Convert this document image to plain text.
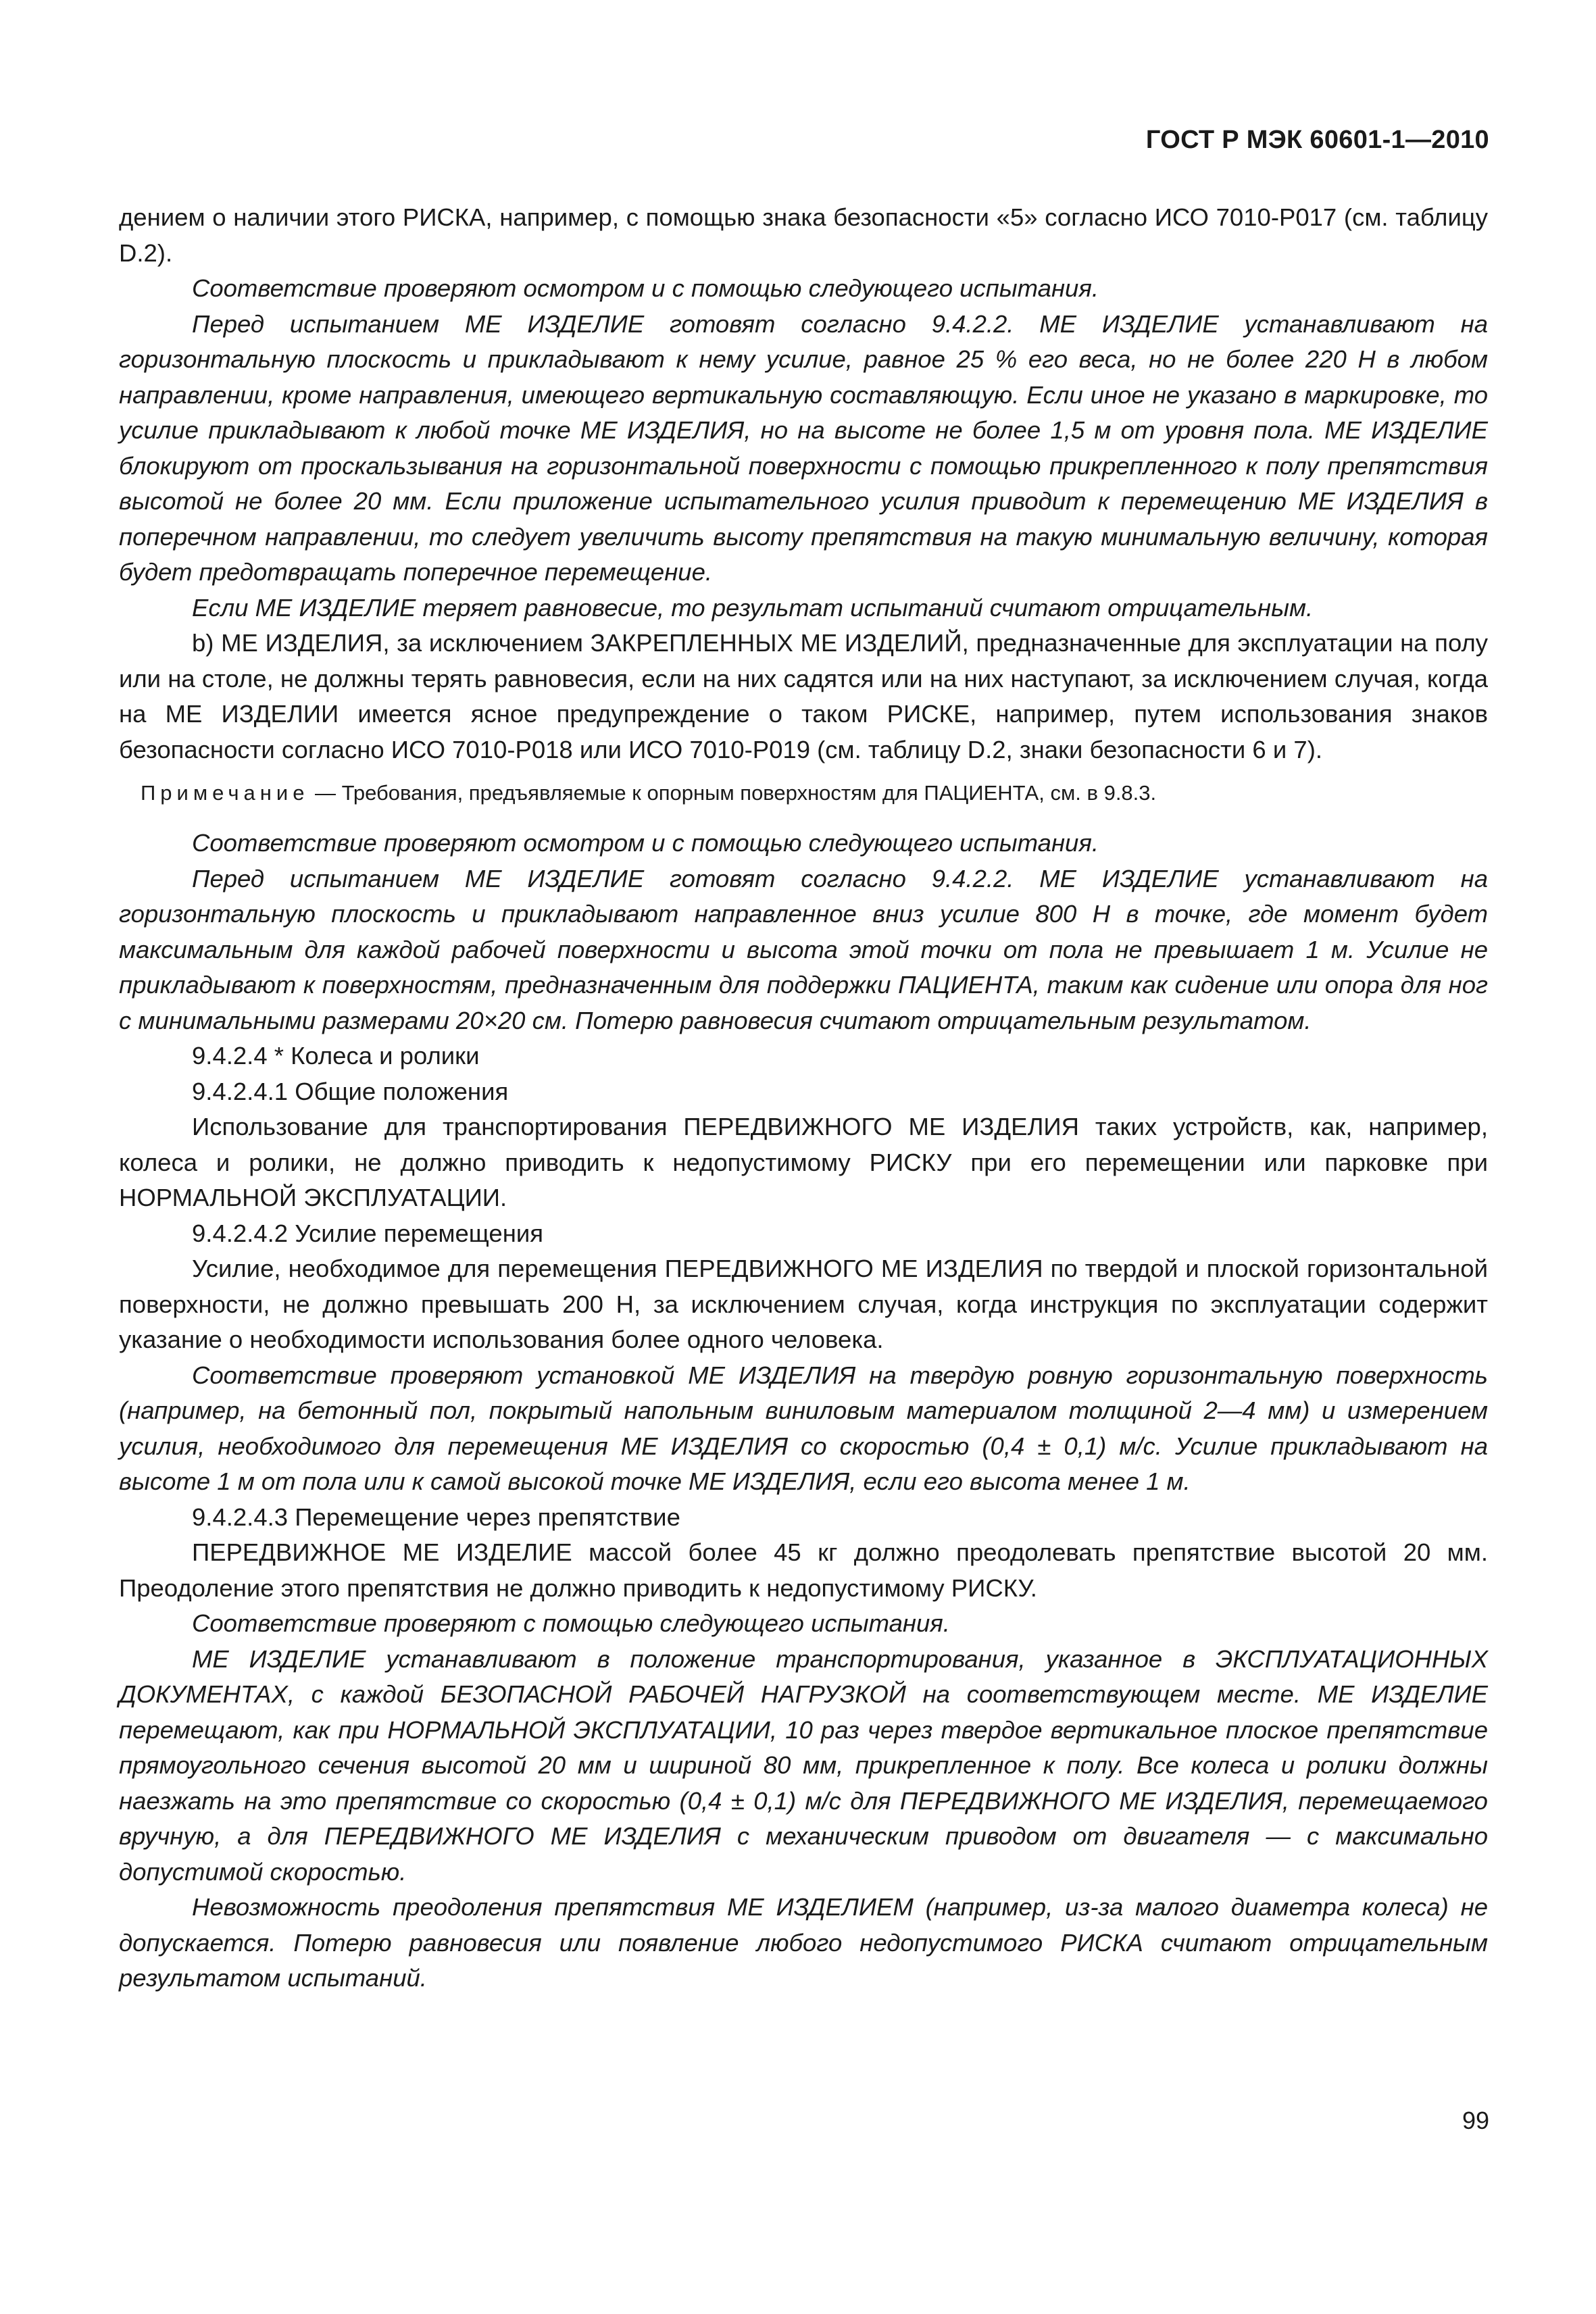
ГОСТ Р МЭК 60601-1—2010

дением о наличии этого РИСКА, например, с помощью знака безопасности «5» согласно ИСО 7010-Р017 (см. таблицу D.2).

Соответствие проверяют осмотром и с помощью следующего испытания.

Перед испытанием МЕ ИЗДЕЛИЕ готовят согласно 9.4.2.2. МЕ ИЗДЕЛИЕ устанавливают на горизонтальную плоскость и прикладывают к нему усилие, равное 25 % его веса, но не более 220 Н в любом направлении, кроме направления, имеющего вертикальную составляющую. Если иное не указано в маркировке, то усилие прикладывают к любой точке МЕ ИЗДЕЛИЯ, но на высоте не более 1,5 м от уровня пола. МЕ ИЗДЕЛИЕ блокируют от проскальзывания на горизонтальной поверхности с помощью прикрепленного к полу препятствия высотой не более 20 мм. Если приложение испытательного усилия приводит к перемещению МЕ ИЗДЕЛИЯ в поперечном направлении, то следует увеличить высоту препятствия на такую минимальную величину, которая будет предотвращать поперечное перемещение.

Если МЕ ИЗДЕЛИЕ теряет равновесие, то результат испытаний считают отрицательным.

b) МЕ ИЗДЕЛИЯ, за исключением ЗАКРЕПЛЕННЫХ МЕ ИЗДЕЛИЙ, предназначенные для эксплуатации на полу или на столе, не должны терять равновесия, если на них садятся или на них наступают, за исключением случая, когда на МЕ ИЗДЕЛИИ имеется ясное предупреждение о таком РИСКЕ, например, путем использования знаков безопасности согласно ИСО 7010-Р018 или ИСО 7010-Р019 (см. таблицу D.2, знаки безопасности 6 и 7).

Примечание — Требования, предъявляемые к опорным поверхностям для ПАЦИЕНТА, см. в 9.8.3.

Соответствие проверяют осмотром и с помощью следующего испытания.

Перед испытанием МЕ ИЗДЕЛИЕ готовят согласно 9.4.2.2. МЕ ИЗДЕЛИЕ устанавливают на горизонтальную плоскость и прикладывают направленное вниз усилие 800 Н в точке, где момент будет максимальным для каждой рабочей поверхности и высота этой точки от пола не превышает 1 м. Усилие не прикладывают к поверхностям, предназначенным для поддержки ПАЦИЕНТА, таким как сидение или опора для ног с минимальными размерами 20×20 см. Потерю равновесия считают отрицательным результатом.

9.4.2.4 * Колеса и ролики

9.4.2.4.1 Общие положения

Использование для транспортирования ПЕРЕДВИЖНОГО МЕ ИЗДЕЛИЯ таких устройств, как, например, колеса и ролики, не должно приводить к недопустимому РИСКУ при его перемещении или парковке при НОРМАЛЬНОЙ ЭКСПЛУАТАЦИИ.

9.4.2.4.2 Усилие перемещения

Усилие, необходимое для перемещения ПЕРЕДВИЖНОГО МЕ ИЗДЕЛИЯ по твердой и плоской горизонтальной поверхности, не должно превышать 200 Н, за исключением случая, когда инструкция по эксплуатации содержит указание о необходимости использования более одного человека.

Соответствие проверяют установкой МЕ ИЗДЕЛИЯ на твердую ровную горизонтальную поверхность (например, на бетонный пол, покрытый напольным виниловым материалом толщиной 2—4 мм) и измерением усилия, необходимого для перемещения МЕ ИЗДЕЛИЯ со скоростью (0,4 ± 0,1) м/с. Усилие прикладывают на высоте 1 м от пола или к самой высокой точке МЕ ИЗДЕЛИЯ, если его высота менее 1 м.

9.4.2.4.3 Перемещение через препятствие

ПЕРЕДВИЖНОЕ МЕ ИЗДЕЛИЕ массой более 45 кг должно преодолевать препятствие высотой 20 мм. Преодоление этого препятствия не должно приводить к недопустимому РИСКУ.

Соответствие проверяют с помощью следующего испытания.

МЕ ИЗДЕЛИЕ устанавливают в положение транспортирования, указанное в ЭКСПЛУАТАЦИОННЫХ ДОКУМЕНТАХ, с каждой БЕЗОПАСНОЙ РАБОЧЕЙ НАГРУЗКОЙ на соответствующем месте. МЕ ИЗДЕЛИЕ перемещают, как при НОРМАЛЬНОЙ ЭКСПЛУАТАЦИИ, 10 раз через твердое вертикальное плоское препятствие прямоугольного сечения высотой 20 мм и шириной 80 мм, прикрепленное к полу. Все колеса и ролики должны наезжать на это препятствие со скоростью (0,4 ± 0,1) м/с для ПЕРЕДВИЖНОГО МЕ ИЗДЕЛИЯ, перемещаемого вручную, а для ПЕРЕДВИЖНОГО МЕ ИЗДЕЛИЯ с механическим приводом от двигателя — с максимально допустимой скоростью.

Невозможность преодоления препятствия МЕ ИЗДЕЛИЕМ (например, из-за малого диаметра колеса) не допускается. Потерю равновесия или появление любого недопустимого РИСКА считают отрицательным результатом испытаний.

99
